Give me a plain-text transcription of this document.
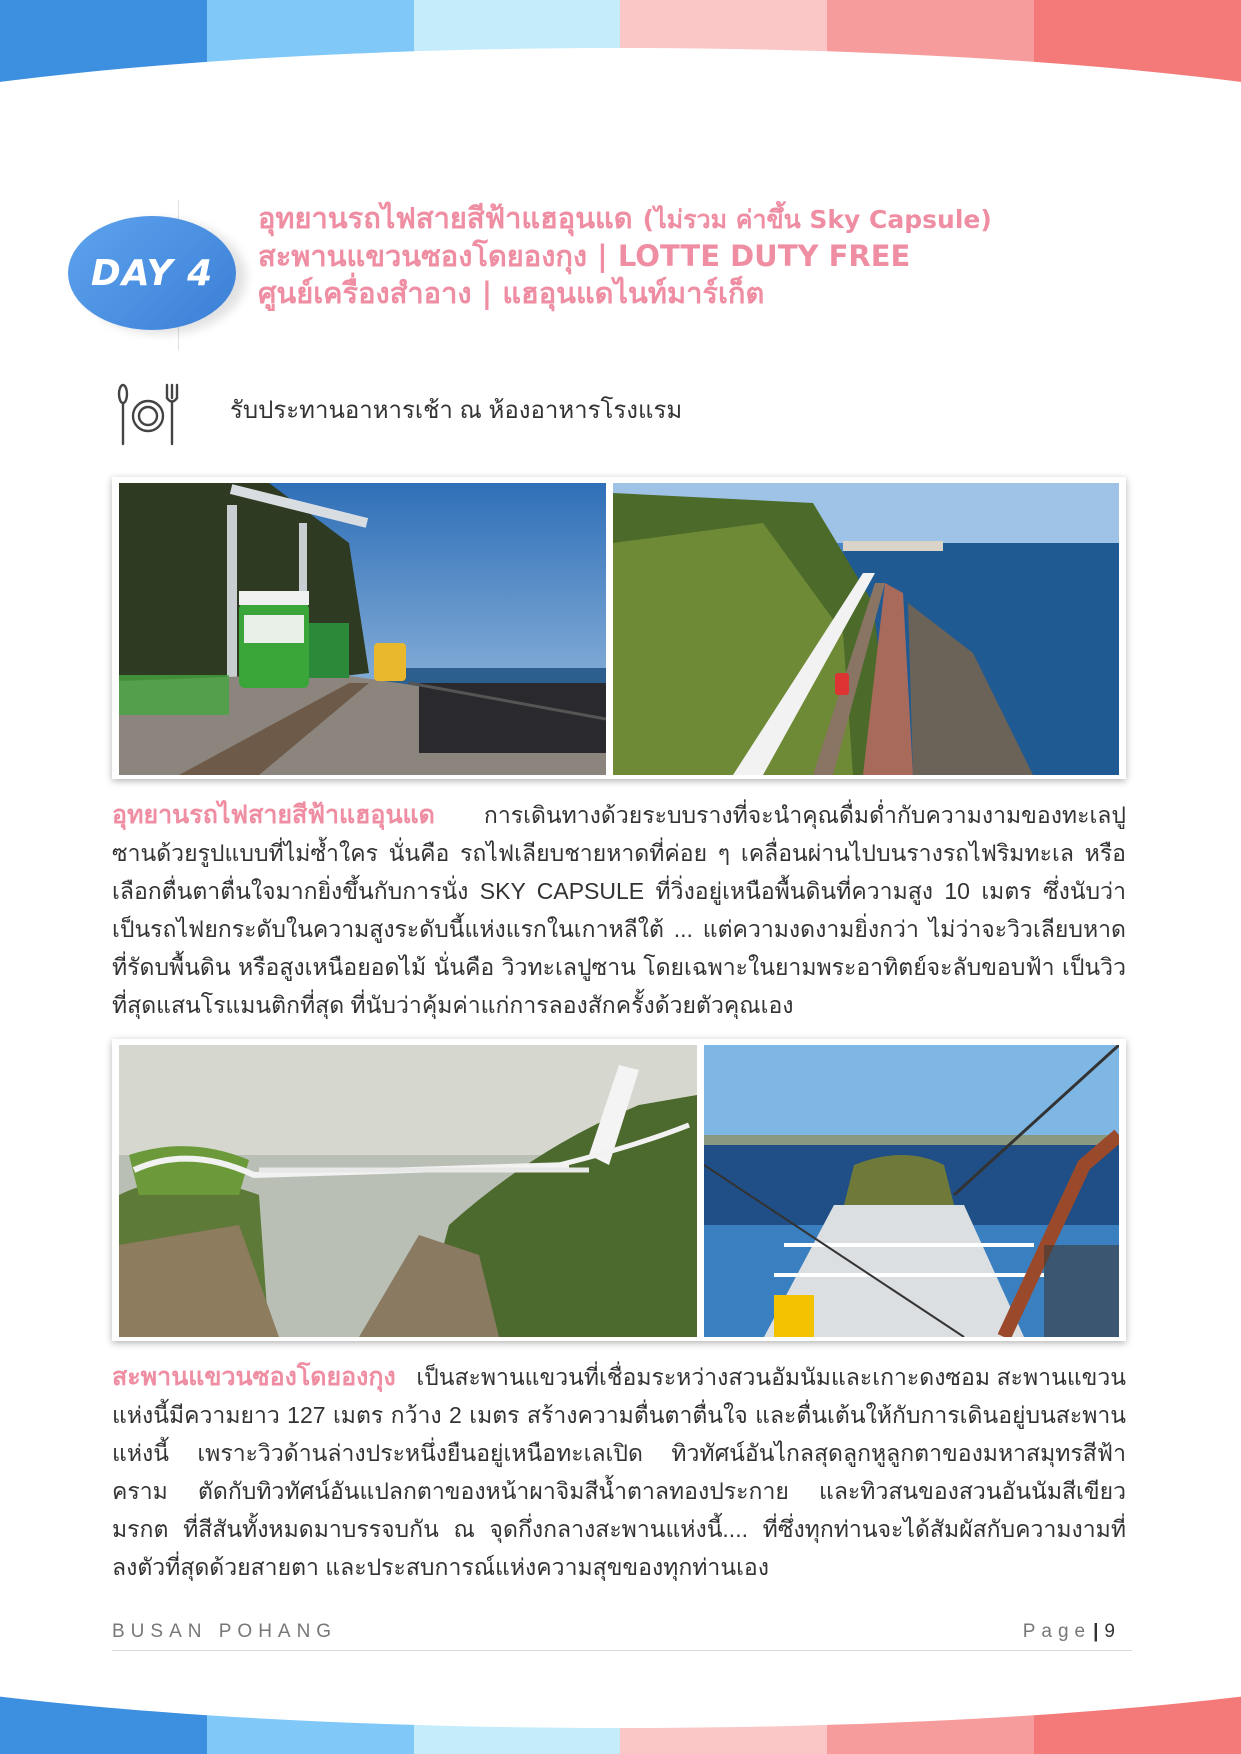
DAY 4
อุทยานรถไฟสายสีฟ้าแฮอุนแด (ไม่รวม ค่าขึ้น Sky Capsule)
สะพานแขวนซองโดยองกุง | LOTTE DUTY FREE
ศูนย์เครื่องสำอาง | แฮอุนแดไนท์มาร์เก็ต
รับประทานอาหารเช้า ณ ห้องอาหารโรงแรม
อุทยานรถไฟสายสีฟ้าแฮอุนแด การเดินทางด้วยระบบรางที่จะนำคุณดื่มด่ำกับความงามของทะเลปูซานด้วยรูปแบบที่ไม่ซ้ำใคร นั่นคือ รถไฟเลียบชายหาดที่ค่อย ๆ เคลื่อนผ่านไปบนรางรถไฟริมทะเล หรือเลือกตื่นตาตื่นใจมากยิ่งขึ้นกับการนั่ง SKY CAPSULE ที่วิ่งอยู่เหนือพื้นดินที่ความสูง 10 เมตร ซึ่งนับว่าเป็นรถไฟยกระดับในความสูงระดับนี้แห่งแรกในเกาหลีใต้ ... แต่ความงดงามยิ่งกว่า ไม่ว่าจะวิวเลียบหาดที่รัดบพื้นดิน หรือสูงเหนือยอดไม้ นั่นคือ วิวทะเลปูซาน โดยเฉพาะในยามพระอาทิตย์จะลับขอบฟ้า เป็นวิวที่สุดแสนโรแมนติกที่สุด ที่นับว่าคุ้มค่าแก่การลองสักครั้งด้วยตัวคุณเอง
สะพานแขวนซองโดยองกุง เป็นสะพานแขวนที่เชื่อมระหว่างสวนอัมนัมและเกาะดงซอม สะพานแขวนแห่งนี้มีความยาว 127 เมตร กว้าง 2 เมตร สร้างความตื่นตาตื่นใจ และตื่นเต้นให้กับการเดินอยู่บนสะพานแห่งนี้ เพราะวิวด้านล่างประหนึ่งยืนอยู่เหนือทะเลเปิด ทิวทัศน์อันไกลสุดลูกหูลูกตาของมหาสมุทรสีฟ้าคราม ตัดกับทิวทัศน์อันแปลกตาของหน้าผาจิมสีน้ำตาลทองประกาย และทิวสนของสวนอันนัมสีเขียวมรกต ที่สีสันทั้งหมดมาบรรจบกัน ณ จุดกึ่งกลางสะพานแห่งนี้.... ที่ซึ่งทุกท่านจะได้สัมผัสกับความงามที่ลงตัวที่สุดด้วยสายตา และประสบการณ์แห่งความสุขของทุกท่านเอง
BUSAN POHANG	Page | 9
